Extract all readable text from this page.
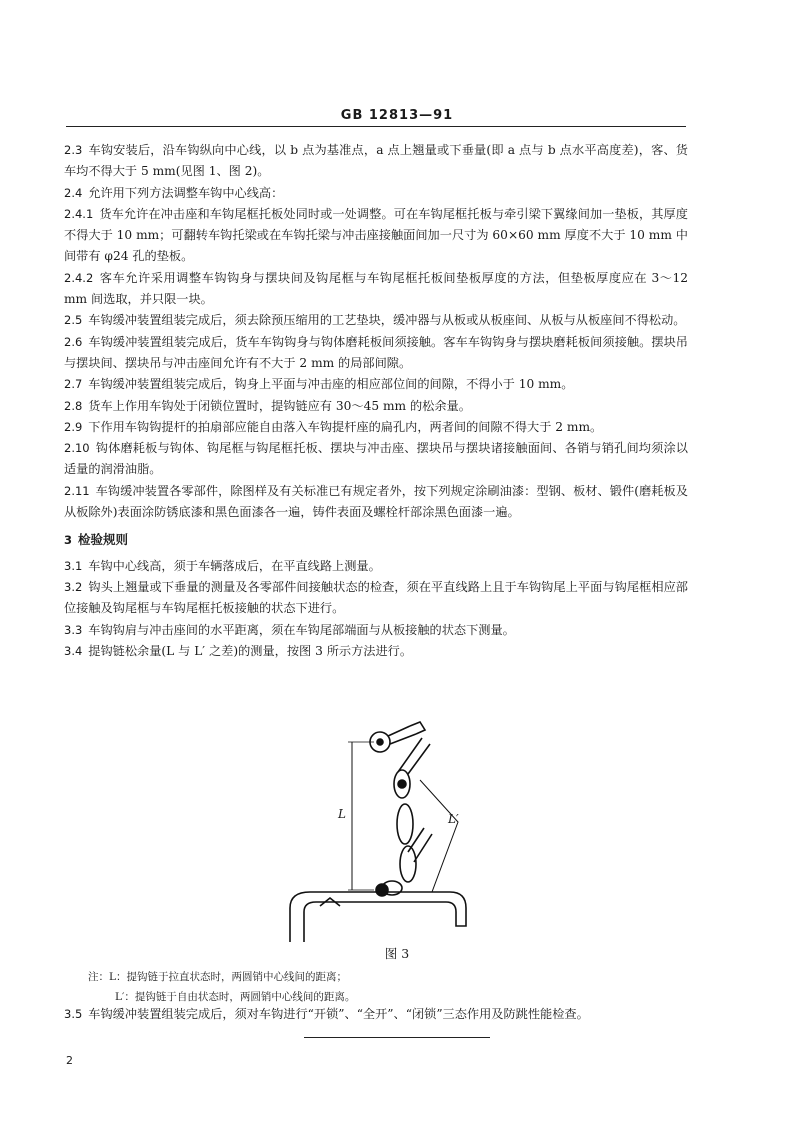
GB 12813—91

2.3 车钩安装后，沿车钩纵向中心线，以 b 点为基准点，a 点上翘量或下垂量(即 a 点与 b 点水平高度差)，客、货车均不得大于 5 mm(见图 1、图 2)。

2.4 允许用下列方法调整车钩中心线高：

2.4.1 货车允许在冲击座和车钩尾框托板处同时或一处调整。可在车钩尾框托板与牵引梁下翼缘间加一垫板，其厚度不得大于 10 mm；可翻转车钩托梁或在车钩托梁与冲击座接触面间加一尺寸为 60×60 mm 厚度不大于 10 mm 中间带有 φ24 孔的垫板。

2.4.2 客车允许采用调整车钩钩身与摆块间及钩尾框与车钩尾框托板间垫板厚度的方法，但垫板厚度应在 3～12 mm 间选取，并只限一块。

2.5 车钩缓冲装置组装完成后，须去除预压缩用的工艺垫块，缓冲器与从板或从板座间、从板与从板座间不得松动。

2.6 车钩缓冲装置组装完成后，货车车钩钩身与钩体磨耗板间须接触。客车车钩钩身与摆块磨耗板间须接触。摆块吊与摆块间、摆块吊与冲击座间允许有不大于 2 mm 的局部间隙。

2.7 车钩缓冲装置组装完成后，钩身上平面与冲击座的相应部位间的间隙，不得小于 10 mm。

2.8 货车上作用车钩处于闭锁位置时，提钩链应有 30～45 mm 的松余量。

2.9 下作用车钩钩提杆的拍扇部应能自由落入车钩提杆座的扁孔内，两者间的间隙不得大于 2 mm。

2.10 钩体磨耗板与钩体、钩尾框与钩尾框托板、摆块与冲击座、摆块吊与摆块诸接触面间、各销与销孔间均须涂以适量的润滑油脂。

2.11 车钩缓冲装置各零部件，除图样及有关标准已有规定者外，按下列规定涂刷油漆：型钢、板材、锻件(磨耗板及从板除外)表面涂防锈底漆和黑色面漆各一遍，铸件表面及螺栓杆部涂黑色面漆一遍。

3 检验规则

3.1 车钩中心线高，须于车辆落成后，在平直线路上测量。

3.2 钩头上翘量或下垂量的测量及各零部件间接触状态的检查，须在平直线路上且于车钩钩尾上平面与钩尾框相应部位接触及钩尾框与车钩尾框托板接触的状态下进行。

3.3 车钩钩肩与冲击座间的水平距离，须在车钩尾部端面与从板接触的状态下测量。

3.4 提钩链松余量(L 与 L′ 之差)的测量，按图 3 所示方法进行。

L	L′
图 3
注：L：提钩链于拉直状态时，两圆销中心线间的距离；
L′：提钩链于自由状态时，两圆销中心线间的距离。
3.5 车钩缓冲装置组装完成后，须对车钩进行“开锁”、“全开”、“闭锁”三态作用及防跳性能检查。
2
